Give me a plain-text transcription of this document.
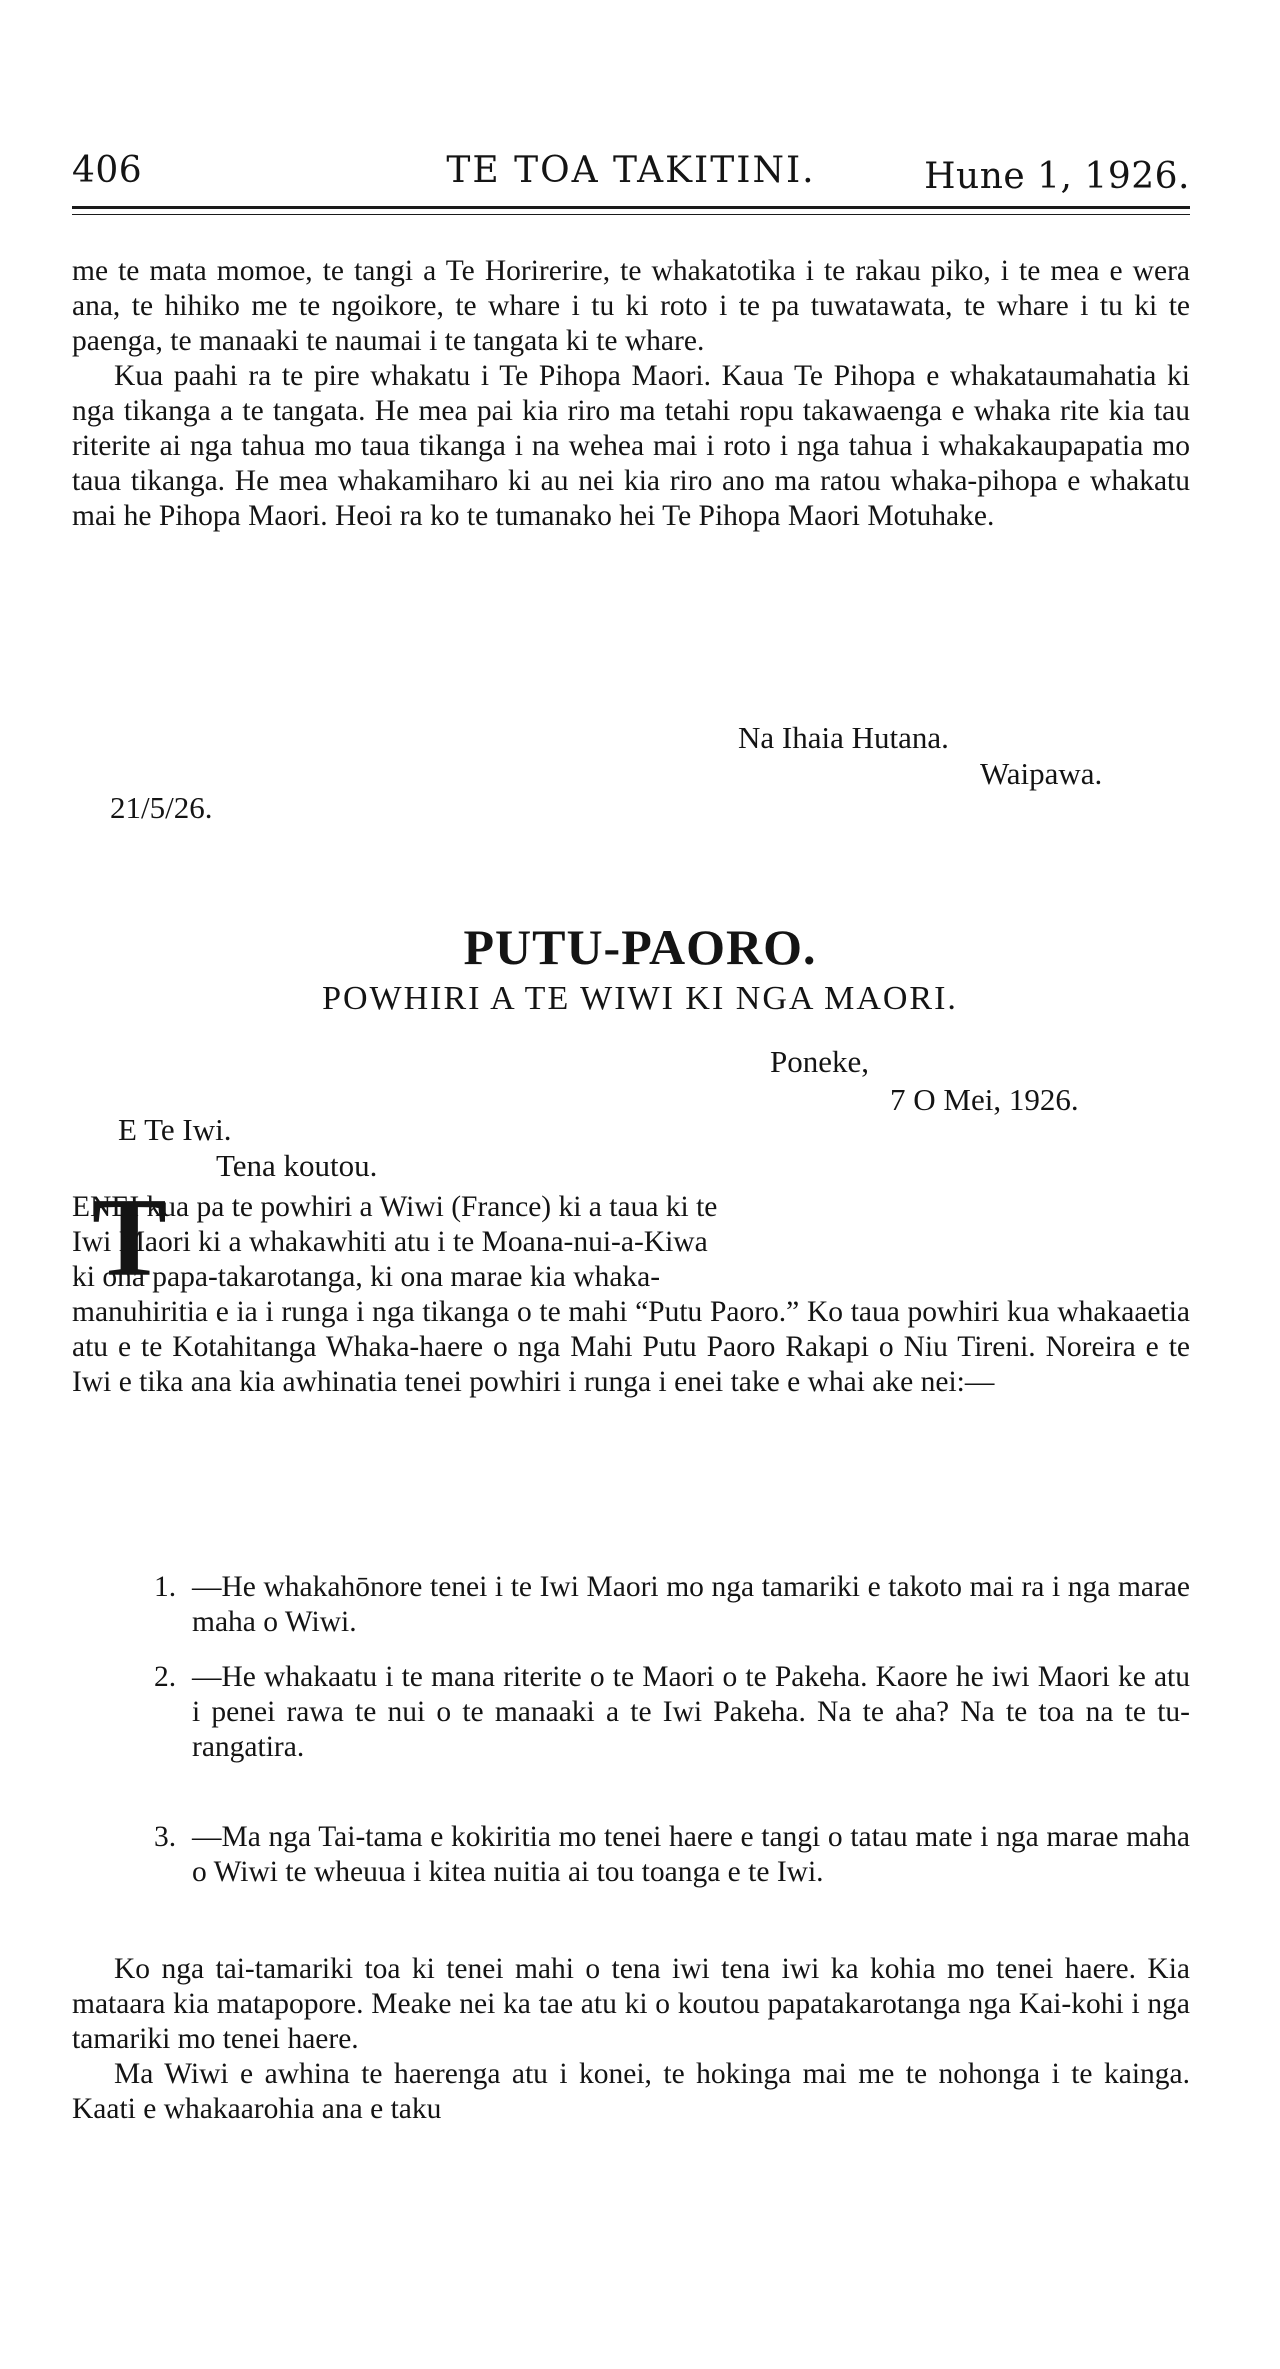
406	TE TOA TAKITINI.	Hune 1, 1926.

me te mata momoe, te tangi a Te Horirerire, te whakatotika i te rakau piko, i te mea e wera ana, te hihiko me te ngoikore, te whare i tu ki roto i te pa tuwatawata, te whare i tu ki te paenga, te manaaki te naumai i te tangata ki te whare.

Kua paahi ra te pire whakatu i Te Pihopa Maori. Kaua Te Pihopa e whakataumahatia ki nga tikanga a te tangata. He mea pai kia riro ma tetahi ropu takawaenga e whaka rite kia tau riterite ai nga tahua mo taua tikanga i na wehea mai i roto i nga tahua i whakakaupapatia mo taua tikanga. He mea whakamiharo ki au nei kia riro ano ma ratou whaka-pihopa e whakatu mai he Pihopa Maori. Heoi ra ko te tumanako hei Te Pihopa Maori Motuhake.

Na Ihaia Hutana.
Waipawa.
21/5/26.
PUTU-PAORO.
POWHIRI A TE WIWI KI NGA MAORI.
Poneke,
7 O Mei, 1926.
E Te Iwi.
Tena koutou.
T

ENEI kua pa te powhiri a Wiwi (France) ki a taua ki te

Iwi Maori ki a whakawhiti atu i te Moana-nui-a-Kiwa

ki ona papa-takarotanga, ki ona marae kia whaka-

manuhiritia e ia i runga i nga tikanga o te mahi “Putu Paoro.” Ko taua powhiri kua whakaaetia atu e te Kotahitanga Whaka-haere o nga Mahi Putu Paoro Rakapi o Niu Tireni. Noreira e te Iwi e tika ana kia awhinatia tenei powhiri i runga i enei take e whai ake nei:—

1. —He whakahōnore tenei i te Iwi Maori mo nga tamariki e takoto mai ra i nga marae maha o Wiwi.
2. —He whakaatu i te mana riterite o te Maori o te Pakeha. Kaore he iwi Maori ke atu i penei rawa te nui o te manaaki a te Iwi Pakeha. Na te aha? Na te toa na te tu-rangatira.
3. —Ma nga Tai-tama e kokiritia mo tenei haere e tangi o tatau mate i nga marae maha o Wiwi te wheuua i kitea nuitia ai tou toanga e te Iwi.

Ko nga tai-tamariki toa ki tenei mahi o tena iwi tena iwi ka kohia mo tenei haere. Kia mataara kia matapopore. Meake nei ka tae atu ki o koutou papatakarotanga nga Kai-kohi i nga tamariki mo tenei haere.

Ma Wiwi e awhina te haerenga atu i konei, te hokinga mai me te nohonga i te kainga. Kaati e whakaarohia ana e taku
